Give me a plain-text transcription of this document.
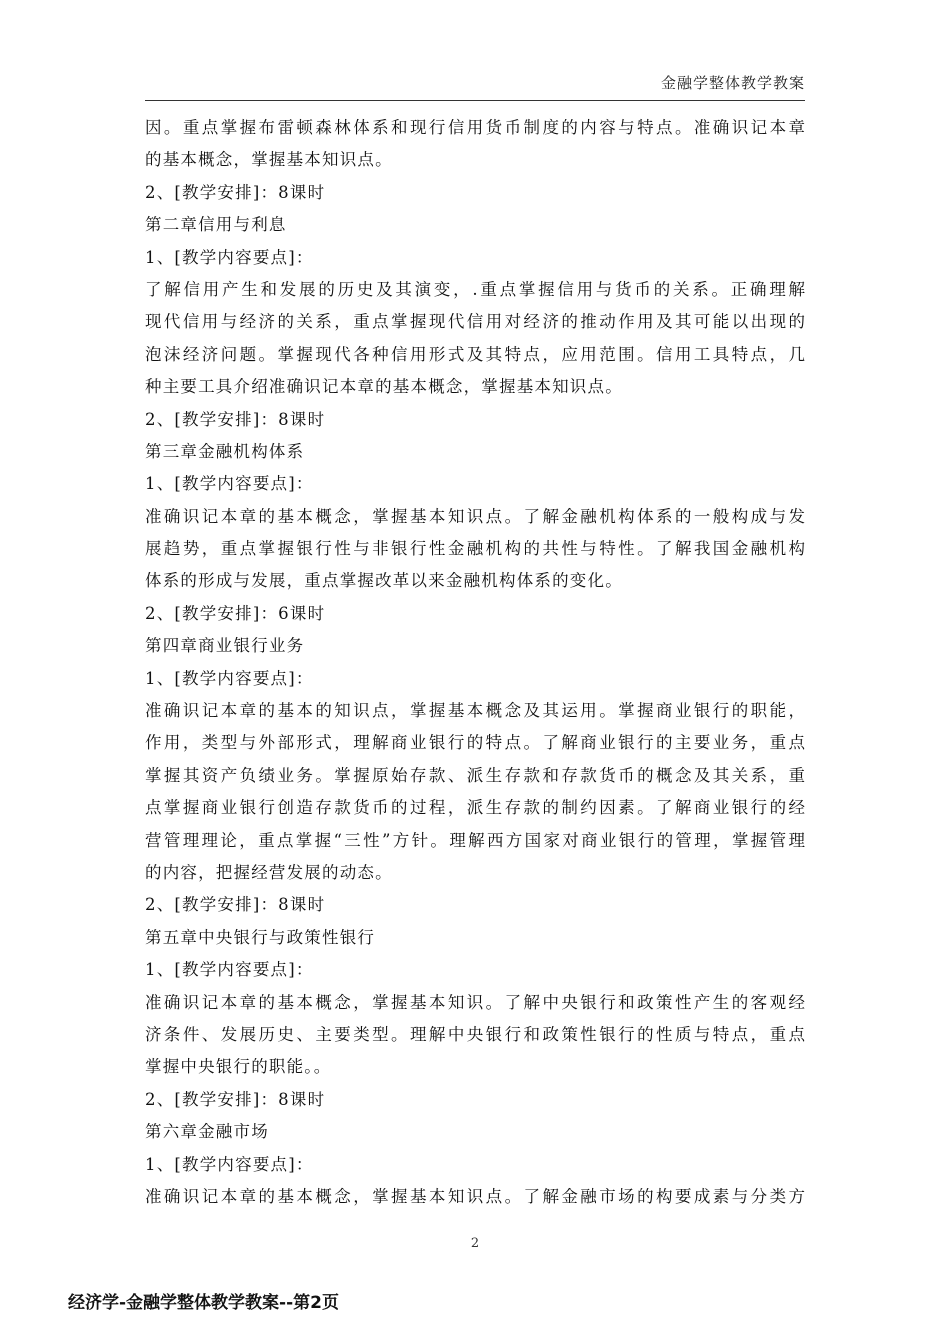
金融学整体教学教案
因。重点掌握布雷顿森林体系和现行信用货币制度的内容与特点。准确识记本章
的基本概念，掌握基本知识点。
2、[教学安排]：8课时
第二章信用与利息
1、[教学内容要点]：
了解信用产生和发展的历史及其演变，.重点掌握信用与货币的关系。正确理解
现代信用与经济的关系，重点掌握现代信用对经济的推动作用及其可能以出现的
泡沫经济问题。掌握现代各种信用形式及其特点，应用范围。信用工具特点，几
种主要工具介绍准确识记本章的基本概念，掌握基本知识点。
2、[教学安排]：8课时
第三章金融机构体系
1、[教学内容要点]：
准确识记本章的基本概念，掌握基本知识点。了解金融机构体系的一般构成与发
展趋势，重点掌握银行性与非银行性金融机构的共性与特性。了解我国金融机构
体系的形成与发展，重点掌握改革以来金融机构体系的变化。
2、[教学安排]：6课时
第四章商业银行业务
1、[教学内容要点]：
准确识记本章的基本的知识点，掌握基本概念及其运用。掌握商业银行的职能，
作用，类型与外部形式，理解商业银行的特点。了解商业银行的主要业务，重点
掌握其资产负绩业务。掌握原始存款、派生存款和存款货币的概念及其关系，重
点掌握商业银行创造存款货币的过程，派生存款的制约因素。了解商业银行的经
营管理理论，重点掌握“三性”方针。理解西方国家对商业银行的管理，掌握管理
的内容，把握经营发展的动态。
2、[教学安排]：8课时
第五章中央银行与政策性银行
1、[教学内容要点]：
准确识记本章的基本概念，掌握基本知识。了解中央银行和政策性产生的客观经
济条件、发展历史、主要类型。理解中央银行和政策性银行的性质与特点，重点
掌握中央银行的职能。。
2、[教学安排]：8课时
第六章金融市场
1、[教学内容要点]：
准确识记本章的基本概念，掌握基本知识点。了解金融市场的构要成素与分类方
2
经济学-金融学整体教学教案--第2页
